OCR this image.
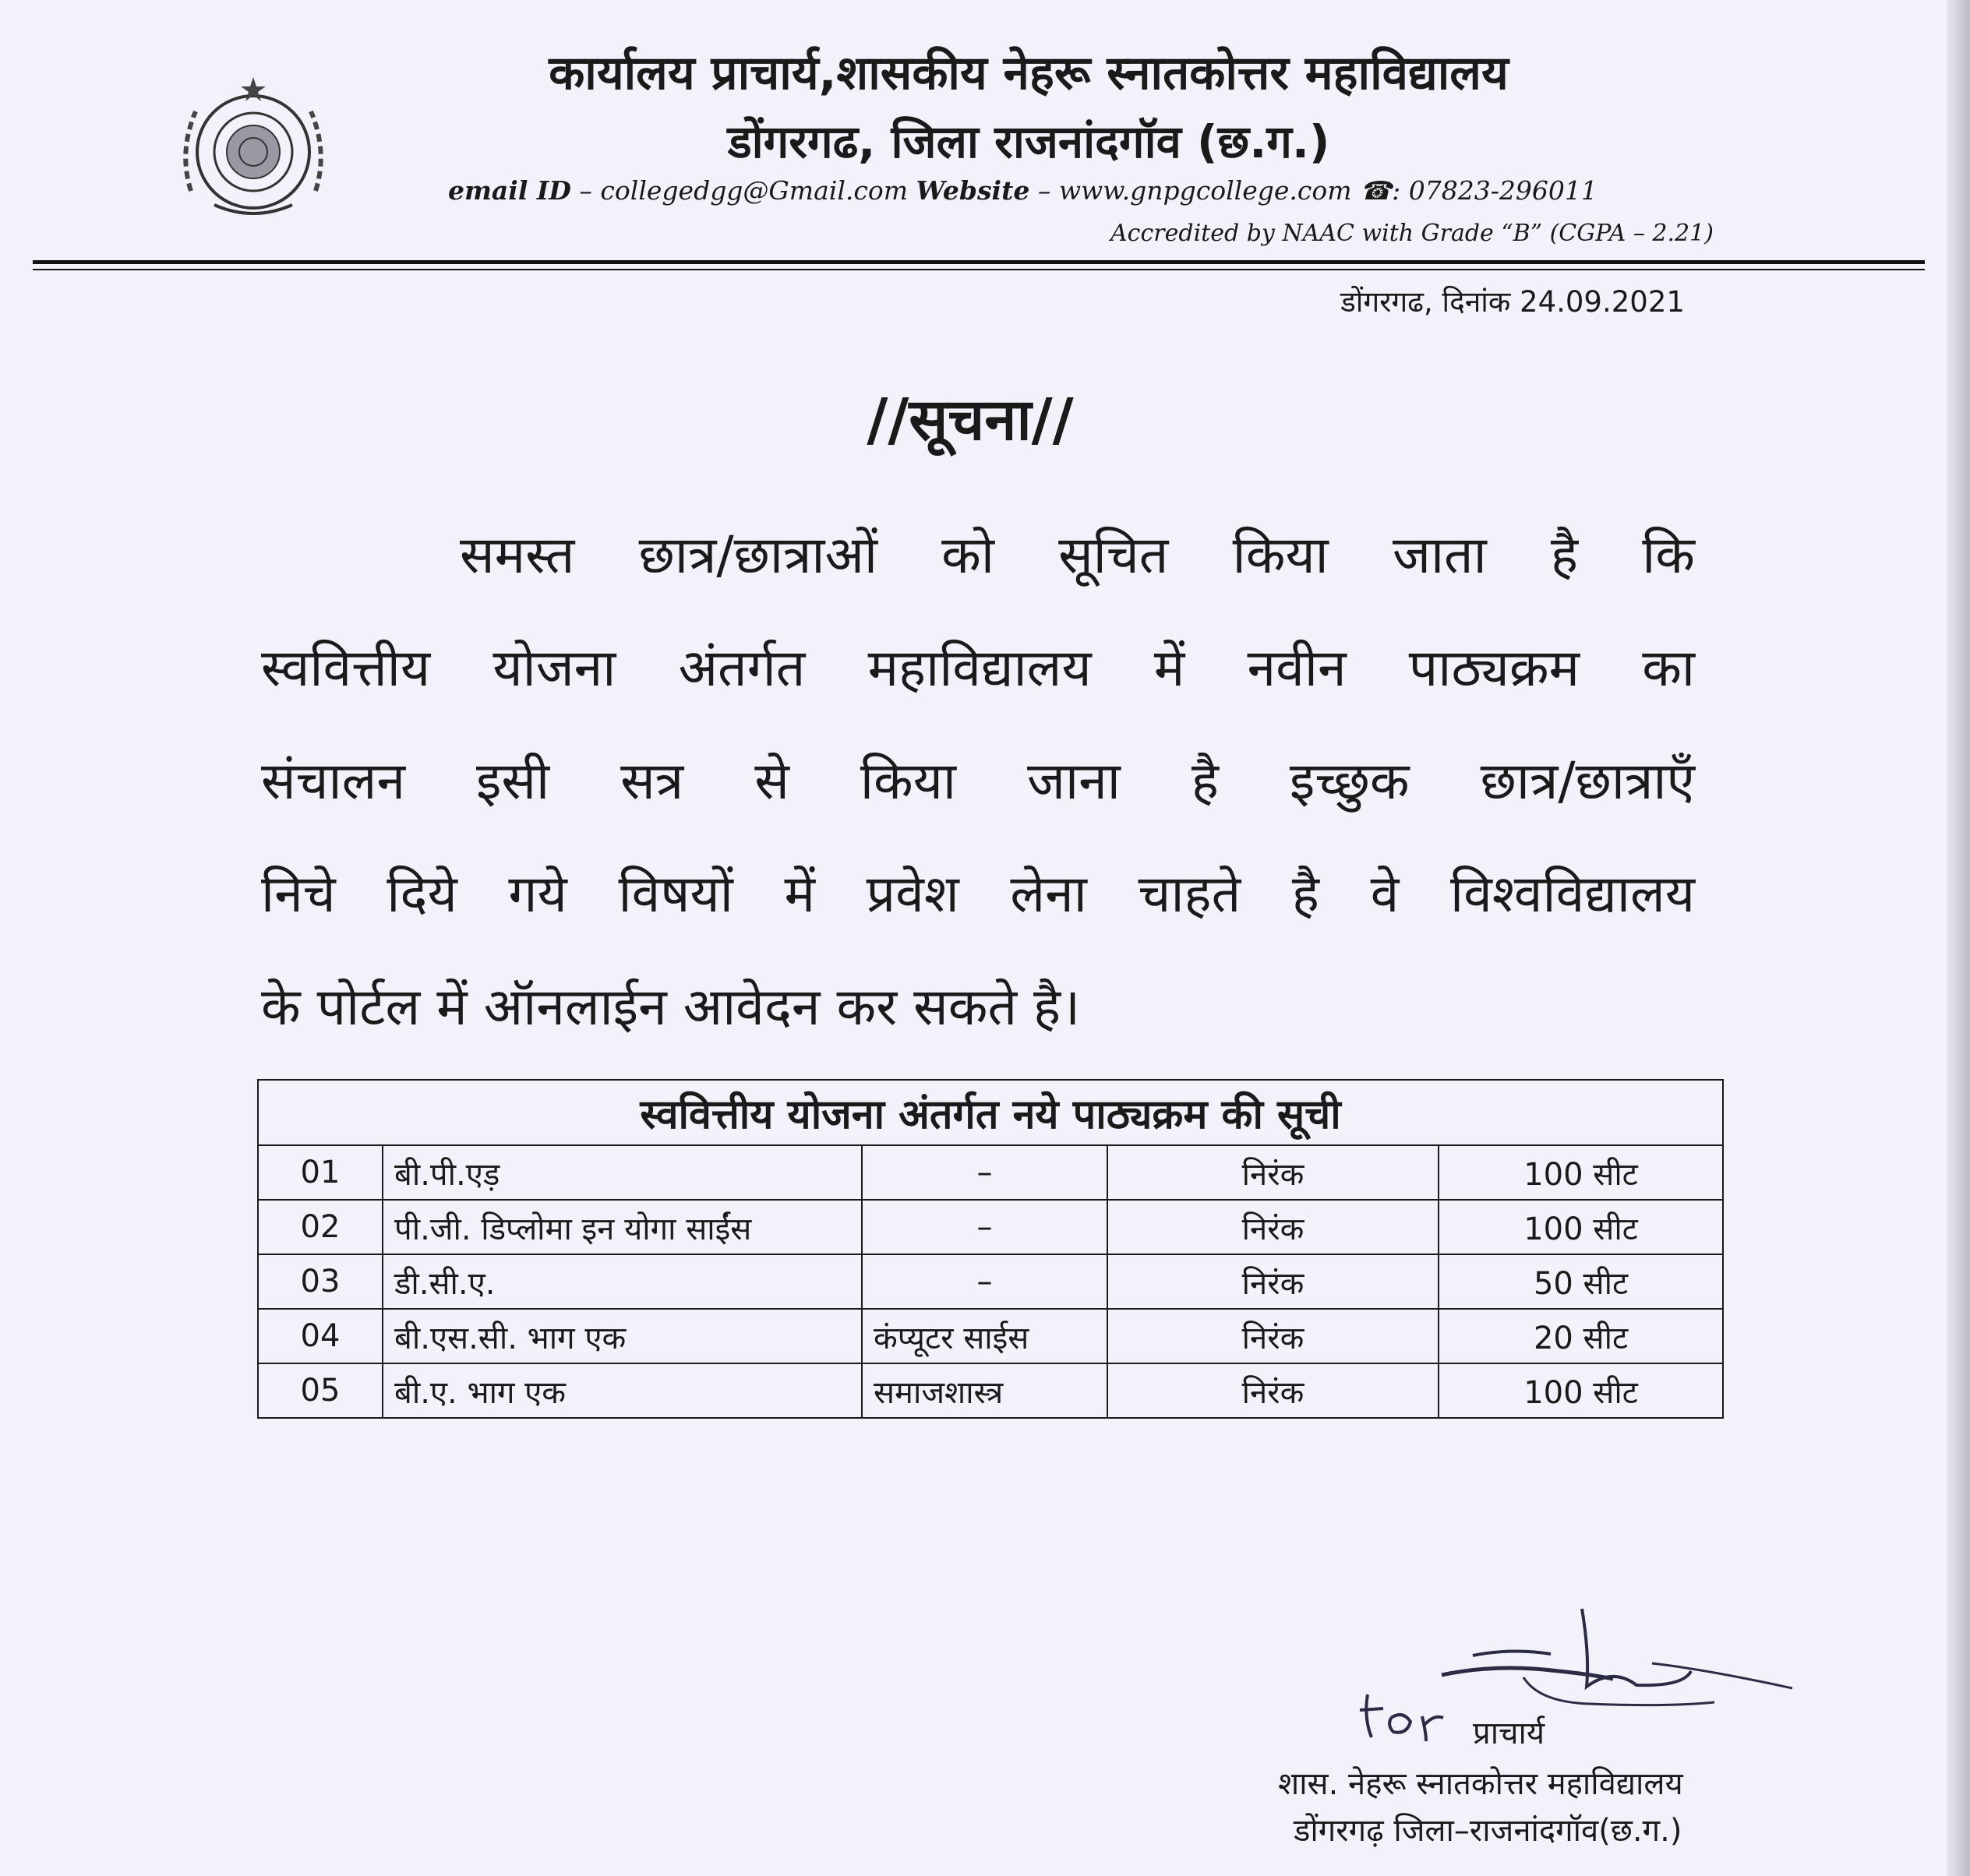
कार्यालय प्राचार्य,शासकीय नेहरू स्नातकोत्तर महाविद्यालय
डोंगरगढ, जिला राजनांदगॉव (छ.ग.)
email ID – collegedgg@Gmail.com Website – www.gnpgcollege.com ☎: 07823-296011
Accredited by NAAC with Grade “B” (CGPA – 2.21)
डोंगरगढ, दिनांक 24.09.2021
//सूचना//
समस्त छात्र/छात्राओं को सूचित किया जाता है कि
स्ववित्तीय योजना अंतर्गत महाविद्यालय में नवीन पाठ्यक्रम का
संचालन इसी सत्र से किया जाना है इच्छुक छात्र/छात्राऍं
निचे दिये गये विषयों में प्रवेश लेना चाहते है वे विश्वविद्यालय
के पोर्टल में ऑनलाईन आवेदन कर सकते है।
स्ववित्तीय योजना अंतर्गत नये पाठ्यक्रम की सूची				
01	बी.पी.एड़	–	निरंक	100 सीट
02	पी.जी. डिप्लोमा इन योगा साईंस	–	निरंक	100 सीट
03	डी.सी.ए.	–	निरंक	50 सीट
04	बी.एस.सी. भाग एक	कंप्यूटर साईस	निरंक	20 सीट
05	बी.ए. भाग एक	समाजशास्त्र	निरंक	100 सीट
प्राचार्य
शास. नेहरू स्नातकोत्तर महाविद्यालय
डोंगरगढ़ जिला–राजनांदगॉव(छ.ग.)
